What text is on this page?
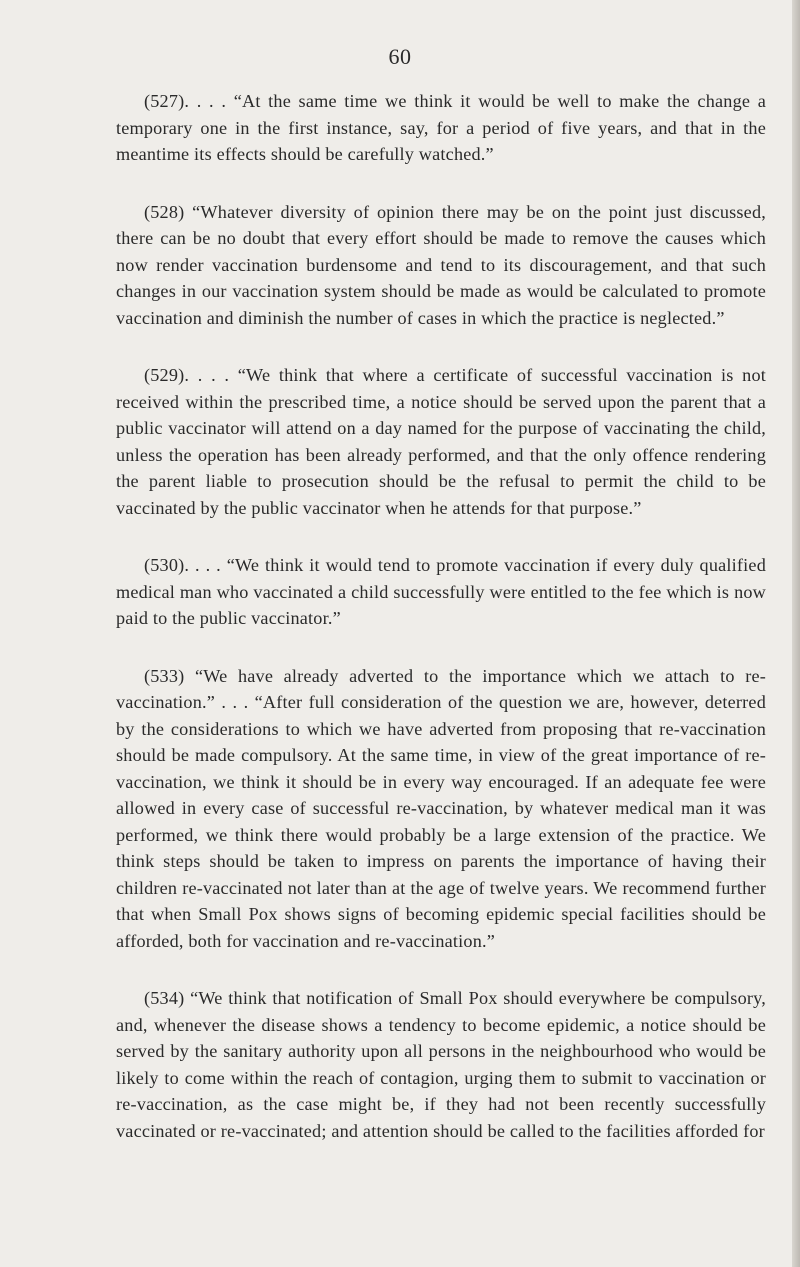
60

(527). . . . “At the same time we think it would be well to make the change a temporary one in the first instance, say, for a period of five years, and that in the meantime its effects should be carefully watched.”

(528) “Whatever diversity of opinion there may be on the point just discussed, there can be no doubt that every effort should be made to remove the causes which now render vaccination burdensome and tend to its discouragement, and that such changes in our vaccination system should be made as would be calculated to promote vaccination and diminish the number of cases in which the practice is neglected.”

(529). . . . “We think that where a certificate of successful vaccination is not received within the prescribed time, a notice should be served upon the parent that a public vaccinator will attend on a day named for the purpose of vaccinating the child, unless the operation has been already performed, and that the only offence rendering the parent liable to prosecution should be the refusal to permit the child to be vaccinated by the public vaccinator when he attends for that purpose.”

(530). . . . “We think it would tend to promote vaccination if every duly qualified medical man who vaccinated a child successfully were entitled to the fee which is now paid to the public vaccinator.”

(533) “We have already adverted to the importance which we attach to re-vaccination.” . . . “After full consideration of the question we are, however, deterred by the considerations to which we have adverted from proposing that re-vaccination should be made compulsory. At the same time, in view of the great importance of re-vaccination, we think it should be in every way encouraged. If an adequate fee were allowed in every case of successful re-vaccination, by whatever medical man it was performed, we think there would probably be a large extension of the practice. We think steps should be taken to impress on parents the importance of having their children re-vaccinated not later than at the age of twelve years. We recommend further that when Small Pox shows signs of becoming epidemic special facilities should be afforded, both for vaccination and re-vaccination.”

(534) “We think that notification of Small Pox should everywhere be compulsory, and, whenever the disease shows a tendency to become epidemic, a notice should be served by the sanitary authority upon all persons in the neighbourhood who would be likely to come within the reach of contagion, urging them to submit to vaccination or re-vaccination, as the case might be, if they had not been recently successfully vaccinated or re-vaccinated; and attention should be called to the facilities afforded for
